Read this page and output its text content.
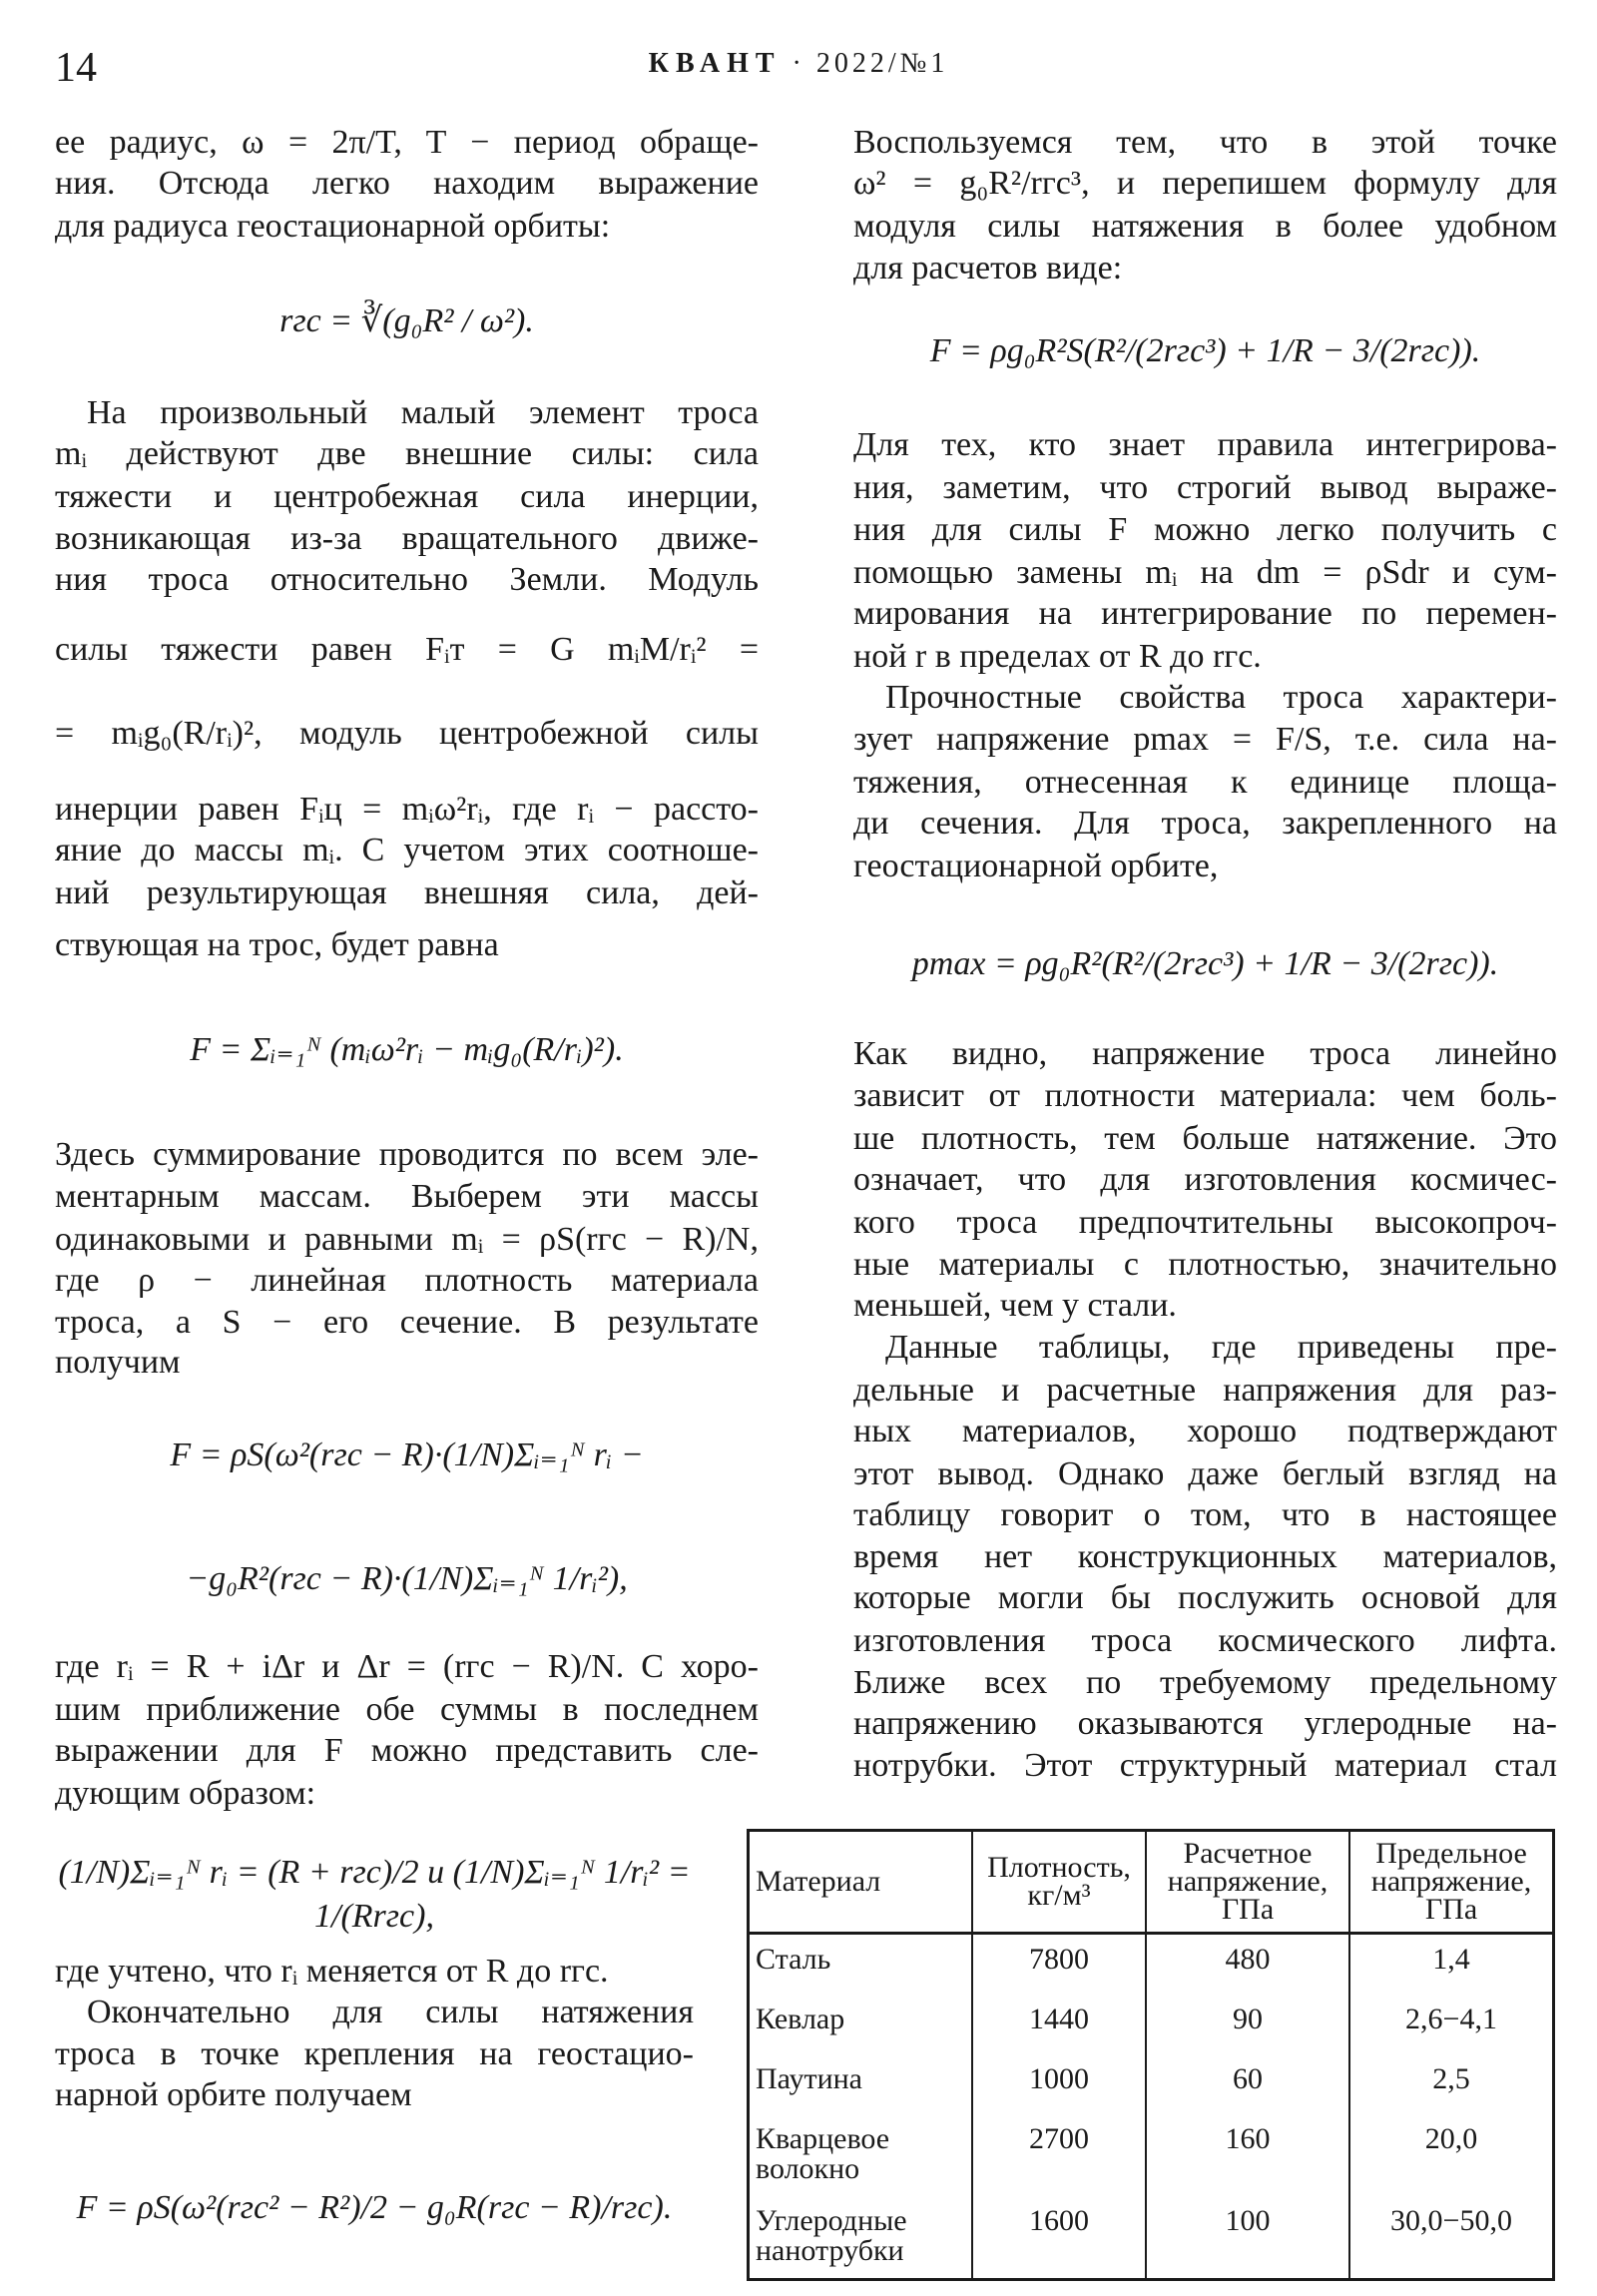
14	КВАНТ · 2022/№1
ее радиус, ω = 2π/T, T − период обраще-
ния. Отсюда легко находим выражение
для радиуса геостационарной орбиты:
rгс = ∛(g₀R² / ω²).
На произвольный малый элемент троса
mᵢ действуют две внешние силы: сила
тяжести и центробежная сила инерции,
возникающая из-за вращательного движе-
ния троса относительно Земли. Модуль
силы тяжести равен Fᵢт = G mᵢM/rᵢ² =
= mᵢg₀(R/rᵢ)², модуль центробежной силы
инерции равен Fᵢц = mᵢω²rᵢ, где rᵢ − рассто-
яние до массы mᵢ. С учетом этих соотноше-
ний результирующая внешняя сила, дей-
ствующая на трос, будет равна
F = Σᵢ₌₁ᴺ (mᵢω²rᵢ − mᵢg₀(R/rᵢ)²).
Здесь суммирование проводится по всем эле-
ментарным массам. Выберем эти массы
одинаковыми и равными mᵢ = ρS(rгс − R)/N,
где ρ − линейная плотность материала
троса, а S − его сечение. В результате
получим
F = ρS(ω²(rгс − R)·(1/N)Σᵢ₌₁ᴺ rᵢ −
−g₀R²(rгс − R)·(1/N)Σᵢ₌₁ᴺ 1/rᵢ²),
где rᵢ = R + iΔr и Δr = (rгс − R)/N. С хоро-
шим приближение обе суммы в последнем
выражении для F можно представить сле-
дующим образом:
(1/N)Σᵢ₌₁ᴺ rᵢ = (R + rгс)/2 и (1/N)Σᵢ₌₁ᴺ 1/rᵢ² = 1/(Rrгс),
где учтено, что rᵢ меняется от R до rгс.
Окончательно для силы натяжения
троса в точке крепления на геостацио-
нарной орбите получаем
F = ρS(ω²(rгс² − R²)/2 − g₀R(rгс − R)/rгс).
Воспользуемся тем, что в этой точке
ω² = g₀R²/rгс³, и перепишем формулу для
модуля силы натяжения в более удобном
для расчетов виде:
F = ρg₀R²S(R²/(2rгс³) + 1/R − 3/(2rгс)).
Для тех, кто знает правила интегрирова-
ния, заметим, что строгий вывод выраже-
ния для силы F можно легко получить с
помощью замены mᵢ на dm = ρSdr и сум-
мирования на интегрирование по перемен-
ной r в пределах от R до rгс.
Прочностные свойства троса характери-
зует напряжение pmax = F/S, т.е. сила на-
тяжения, отнесенная к единице площа-
ди сечения. Для троса, закрепленного на
геостационарной орбите,
pmax = ρg₀R²(R²/(2rгс³) + 1/R − 3/(2rгс)).
Как видно, напряжение троса линейно
зависит от плотности материала: чем боль-
ше плотность, тем больше натяжение. Это
означает, что для изготовления космичес-
кого троса предпочтительны высокопроч-
ные материалы с плотностью, значительно
меньшей, чем у стали.
Данные таблицы, где приведены пре-
дельные и расчетные напряжения для раз-
ных материалов, хорошо подтверждают
этот вывод. Однако даже беглый взгляд на
таблицу говорит о том, что в настоящее
время нет конструкционных материалов,
которые могли бы послужить основой для
изготовления троса космического лифта.
Ближе всех по требуемому предельному
напряжению оказываются углеродные на-
нотрубки. Этот структурный материал стал
Материал	Плотность, кг/м³	Расчетное напряжение, ГПа	Предельное напряжение, ГПа
Сталь	7800	480	1,4
Кевлар	1440	90	2,6−4,1
Паутина	1000	60	2,5
Кварцевое волокно	2700	160	20,0
Углеродные нанотрубки	1600	100	30,0−50,0
